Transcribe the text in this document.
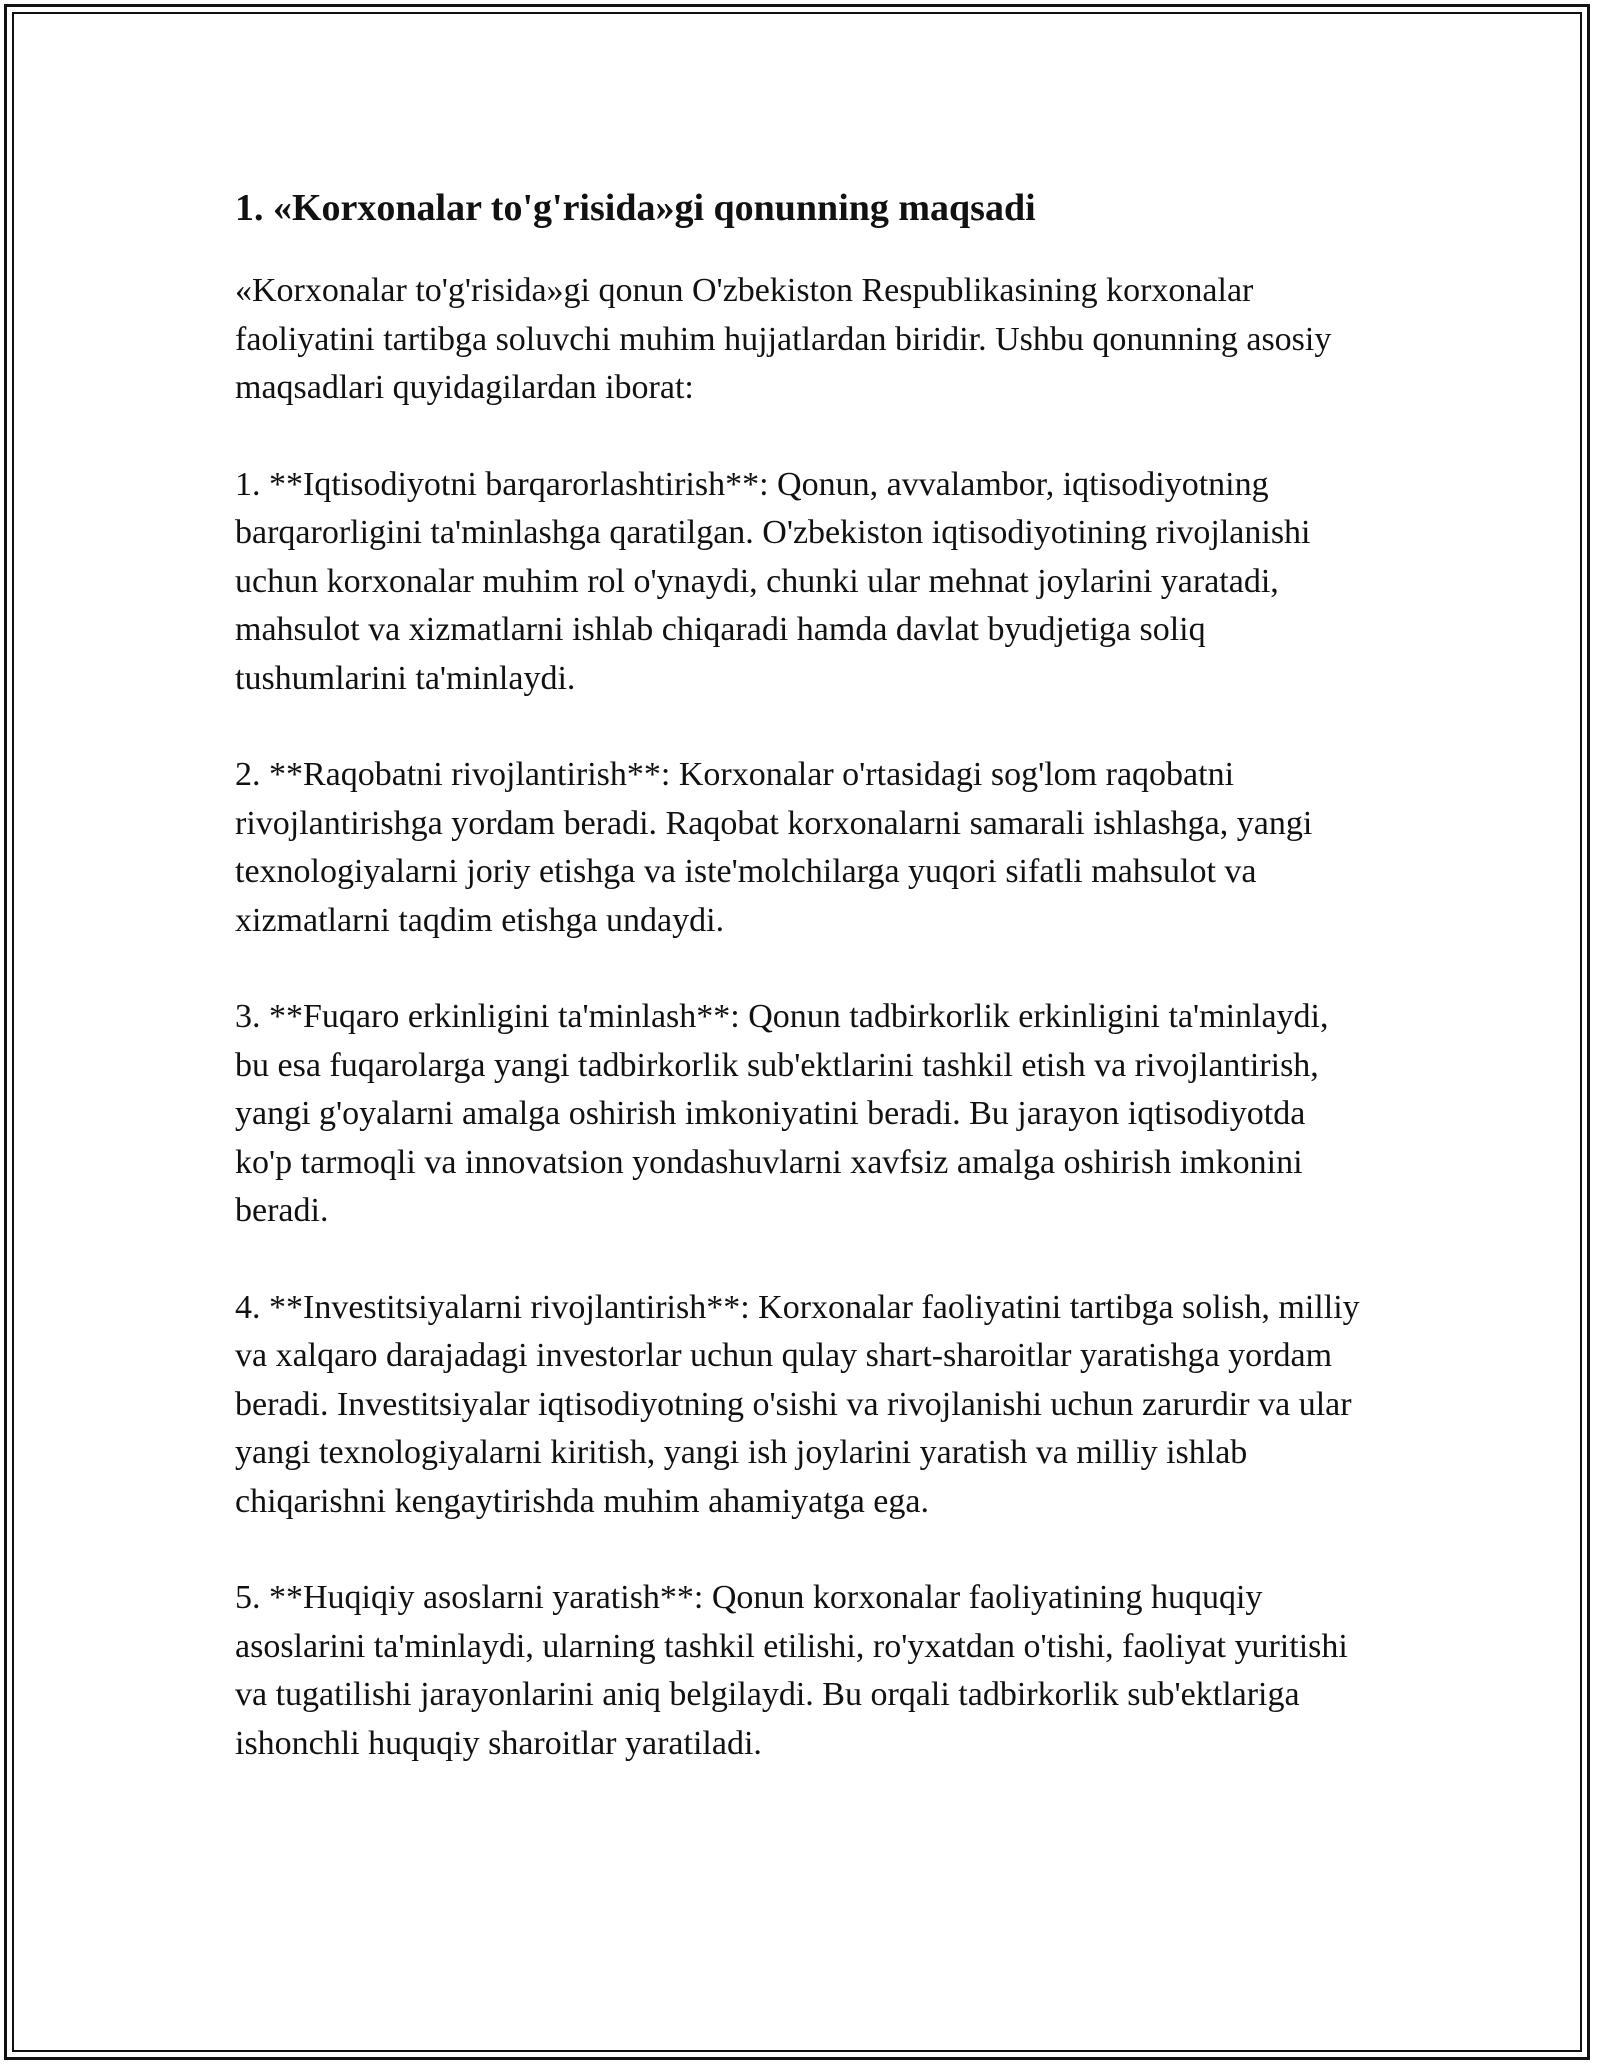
1. «Korxonalar to'g'risida»gi qonunning maqsadi

«Korxonalar to'g'risida»gi qonun O'zbekiston Respublikasining korxonalar faoliyatini tartibga soluvchi muhim hujjatlardan biridir. Ushbu qonunning asosiy maqsadlari quyidagilardan iborat:

1. **Iqtisodiyotni barqarorlashtirish**: Qonun, avvalambor, iqtisodiyotning barqarorligini ta'minlashga qaratilgan. O'zbekiston iqtisodiyotining rivojlanishi uchun korxonalar muhim rol o'ynaydi, chunki ular mehnat joylarini yaratadi, mahsulot va xizmatlarni ishlab chiqaradi hamda davlat byudjetiga soliq tushumlarini ta'minlaydi.

2. **Raqobatni rivojlantirish**: Korxonalar o'rtasidagi sog'lom raqobatni rivojlantirishga yordam beradi. Raqobat korxonalarni samarali ishlashga, yangi texnologiyalarni joriy etishga va iste'molchilarga yuqori sifatli mahsulot va xizmatlarni taqdim etishga undaydi.

3. **Fuqaro erkinligini ta'minlash**: Qonun tadbirkorlik erkinligini ta'minlaydi, bu esa fuqarolarga yangi tadbirkorlik sub'ektlarini tashkil etish va rivojlantirish, yangi g'oyalarni amalga oshirish imkoniyatini beradi. Bu jarayon iqtisodiyotda ko'p tarmoqli va innovatsion yondashuvlarni xavfsiz amalga oshirish imkonini beradi.

4. **Investitsiyalarni rivojlantirish**: Korxonalar faoliyatini tartibga solish, milliy va xalqaro darajadagi investorlar uchun qulay shart-sharoitlar yaratishga yordam beradi. Investitsiyalar iqtisodiyotning o'sishi va rivojlanishi uchun zarurdir va ular yangi texnologiyalarni kiritish, yangi ish joylarini yaratish va milliy ishlab chiqarishni kengaytirishda muhim ahamiyatga ega.

5. **Huqiqiy asoslarni yaratish**: Qonun korxonalar faoliyatining huquqiy asoslarini ta'minlaydi, ularning tashkil etilishi, ro'yxatdan o'tishi, faoliyat yuritishi va tugatilishi jarayonlarini aniq belgilaydi. Bu orqali tadbirkorlik sub'ektlariga ishonchli huquqiy sharoitlar yaratiladi.
